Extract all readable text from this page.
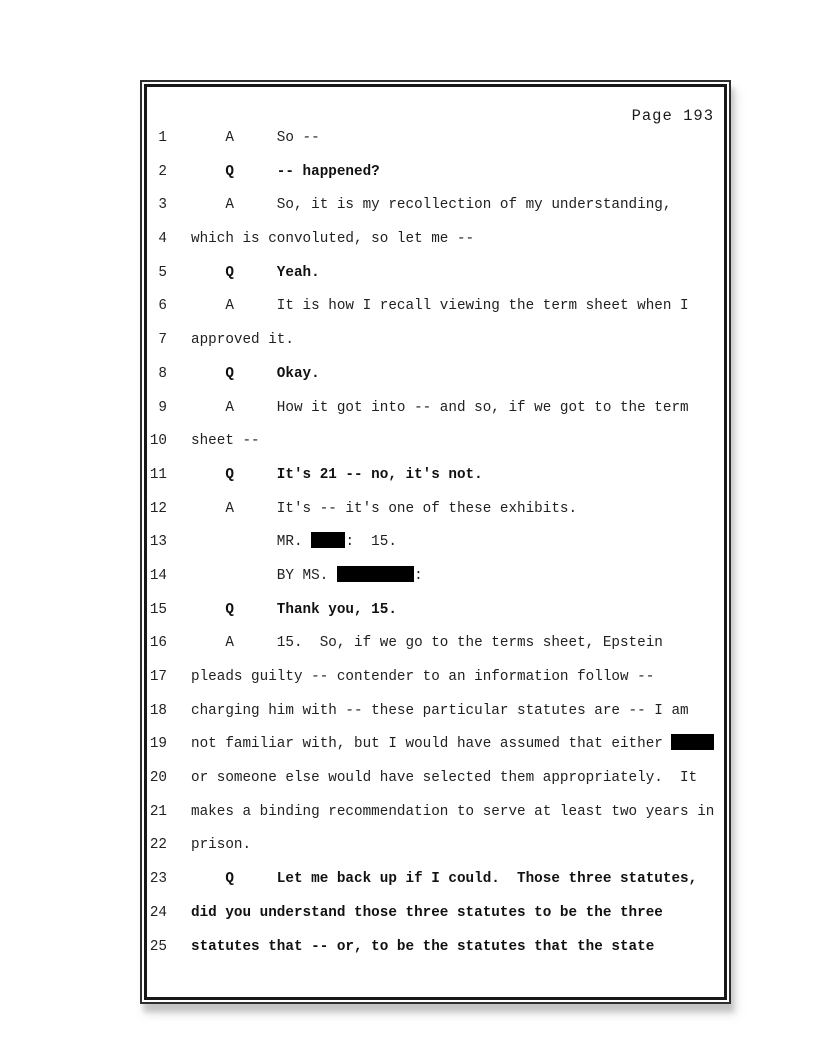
Page 193
1 A     So --
2 Q     -- happened?
3 A     So, it is my recollection of my understanding,
4 which is convoluted, so let me --
5 Q     Yeah.
6 A     It is how I recall viewing the term sheet when I
7 approved it.
8 Q     Okay.
9 A     How it got into -- and so, if we got to the term
10 sheet --
11 Q     It's 21 -- no, it's not.
12 A     It's -- it's one of these exhibits.
13 MR. :  15.
14 BY MS.	:
15 Q     Thank you, 15.
16 A     15.  So, if we go to the terms sheet, Epstein
17 pleads guilty -- contender to an information follow --
18 charging him with -- these particular statutes are -- I am
19 not familiar with, but I would have assumed that either
20 or someone else would have selected them appropriately.  It
21 makes a binding recommendation to serve at least two years in
22 prison.
23 Q     Let me back up if I could.  Those three statutes,
24 did you understand those three statutes to be the three
25 statutes that -- or, to be the statutes that the state
